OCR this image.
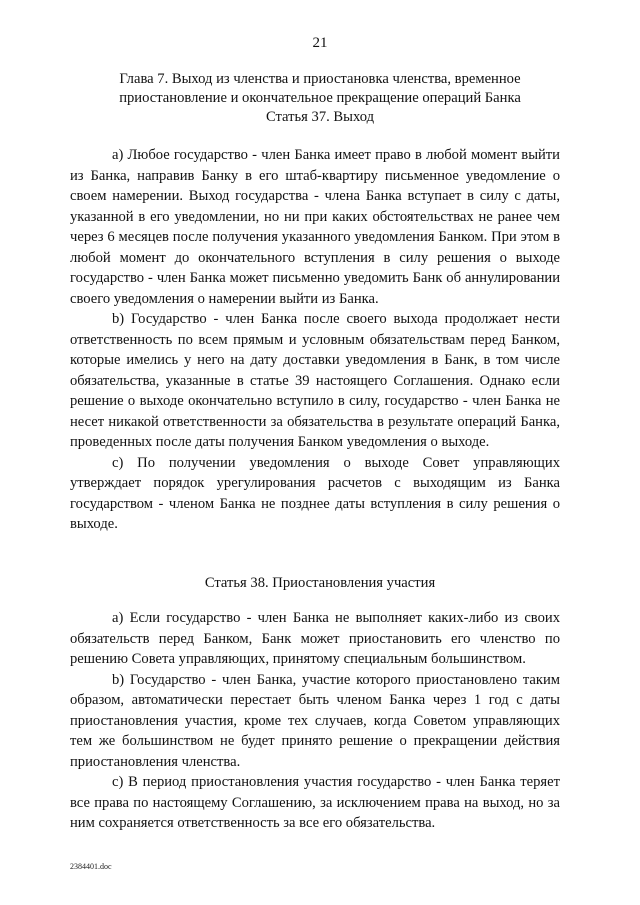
21
Глава 7. Выход из членства и приостановка членства, временное
приостановление и окончательное прекращение операций Банка
Статья 37. Выход

а) Любое государство - член Банка имеет право в любой момент выйти из Банка, направив Банку в его штаб-квартиру письменное уведомление о своем намерении. Выход государства - члена Банка вступает в силу с даты, указанной в его уведомлении, но ни при каких обстоятельствах не ранее чем через 6 месяцев после получения указанного уведомления Банком. При этом в любой момент до окончательного вступления в силу решения о выходе государство - член Банка может письменно уведомить Банк об аннулировании своего уведомления о намерении выйти из Банка.

b) Государство - член Банка после своего выхода продолжает нести ответственность по всем прямым и условным обязательствам перед Банком, которые имелись у него на дату доставки уведомления в Банк, в том числе обязательства, указанные в статье 39 настоящего Соглашения. Однако если решение о выходе окончательно вступило в силу, государство - член Банка не несет никакой ответственности за обязательства в результате операций Банка, проведенных после даты получения Банком уведомления о выходе.

с) По получении уведомления о выходе Совет управляющих утверждает порядок урегулирования расчетов с выходящим из Банка государством - членом Банка не позднее даты вступления в силу решения о выходе.

Статья 38. Приостановления участия

а) Если государство - член Банка не выполняет каких-либо из своих обязательств перед Банком, Банк может приостановить его членство по решению Совета управляющих, принятому специальным большинством.

b) Государство - член Банка, участие которого приостановлено таким образом, автоматически перестает быть членом Банка через 1 год с даты приостановления участия, кроме тех случаев, когда Советом управляющих тем же большинством не будет принято решение о прекращении действия приостановления членства.

с) В период приостановления участия государство - член Банка теряет все права по настоящему Соглашению, за исключением права на выход, но за ним сохраняется ответственность за все его обязательства.

2384401.doc
